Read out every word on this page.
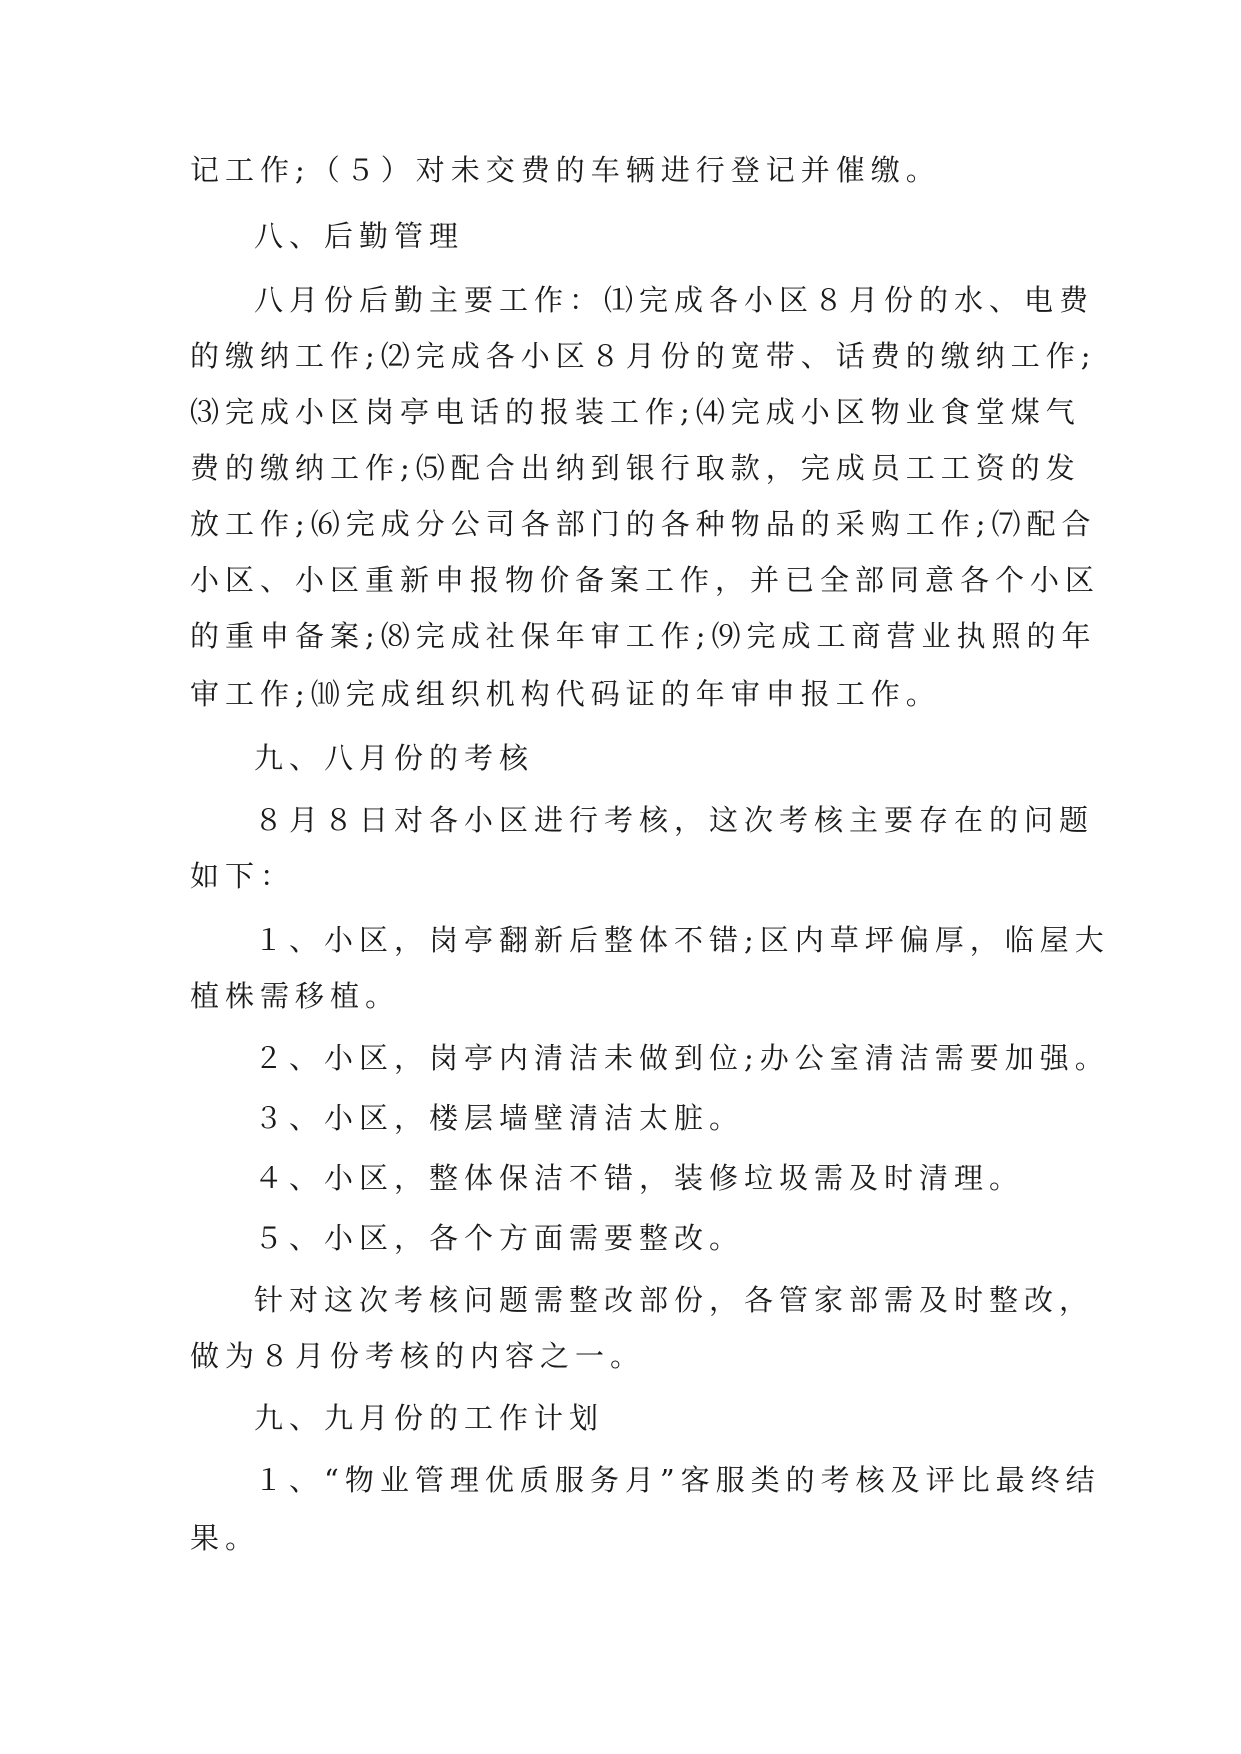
记工作;（５）对未交费的车辆进行登记并催缴。
八、后勤管理
八月份后勤主要工作：⑴完成各小区８月份的水、电费
的缴纳工作;⑵完成各小区８月份的宽带、话费的缴纳工作;
⑶完成小区岗亭电话的报装工作;⑷完成小区物业食堂煤气
费的缴纳工作;⑸配合出纳到银行取款，完成员工工资的发
放工作;⑹完成分公司各部门的各种物品的采购工作;⑺配合
小区、小区重新申报物价备案工作，并已全部同意各个小区
的重申备案;⑻完成社保年审工作;⑼完成工商营业执照的年
审工作;⑽完成组织机构代码证的年审申报工作。
九、八月份的考核
８月８日对各小区进行考核，这次考核主要存在的问题
如下：
１、小区，岗亭翻新后整体不错;区内草坪偏厚，临屋大
植株需移植。
２、小区，岗亭内清洁未做到位;办公室清洁需要加强。
３、小区，楼层墙壁清洁太脏。
４、小区，整体保洁不错，装修垃圾需及时清理。
５、小区，各个方面需要整改。
针对这次考核问题需整改部份，各管家部需及时整改，
做为８月份考核的内容之一。
九、九月份的工作计划
１、“物业管理优质服务月”客服类的考核及评比最终结
果。
